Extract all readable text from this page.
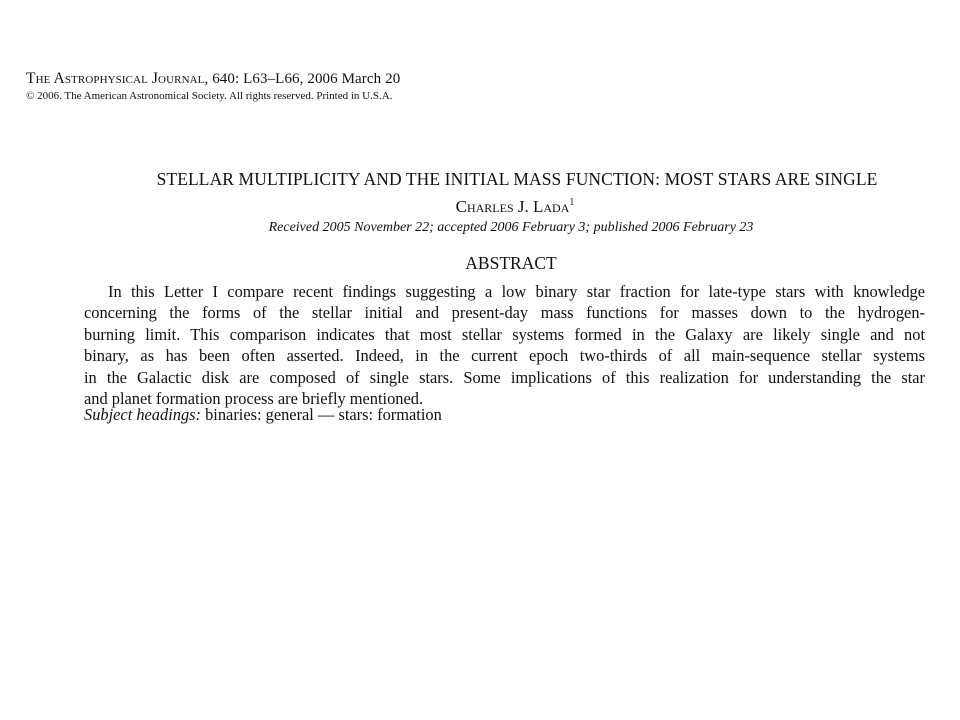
The Astrophysical Journal, 640: L63–L66, 2006 March 20
© 2006. The American Astronomical Society. All rights reserved. Printed in U.S.A.
STELLAR MULTIPLICITY AND THE INITIAL MASS FUNCTION: MOST STARS ARE SINGLE
Charles J. Lada$^1$
Received 2005 November 22; accepted 2006 February 3; published 2006 February 23
ABSTRACT
In this Letter I compare recent findings suggesting a low binary star fraction for late-type stars with knowledge
concerning the forms of the stellar initial and present-day mass functions for masses down to the hydrogen-
burning limit. This comparison indicates that most stellar systems formed in the Galaxy are likely single and not
binary, as has been often asserted. Indeed, in the current epoch two-thirds of all main-sequence stellar systems
in the Galactic disk are composed of single stars. Some implications of this realization for understanding the star
and planet formation process are briefly mentioned.
Subject headings: binaries: general — stars: formation
